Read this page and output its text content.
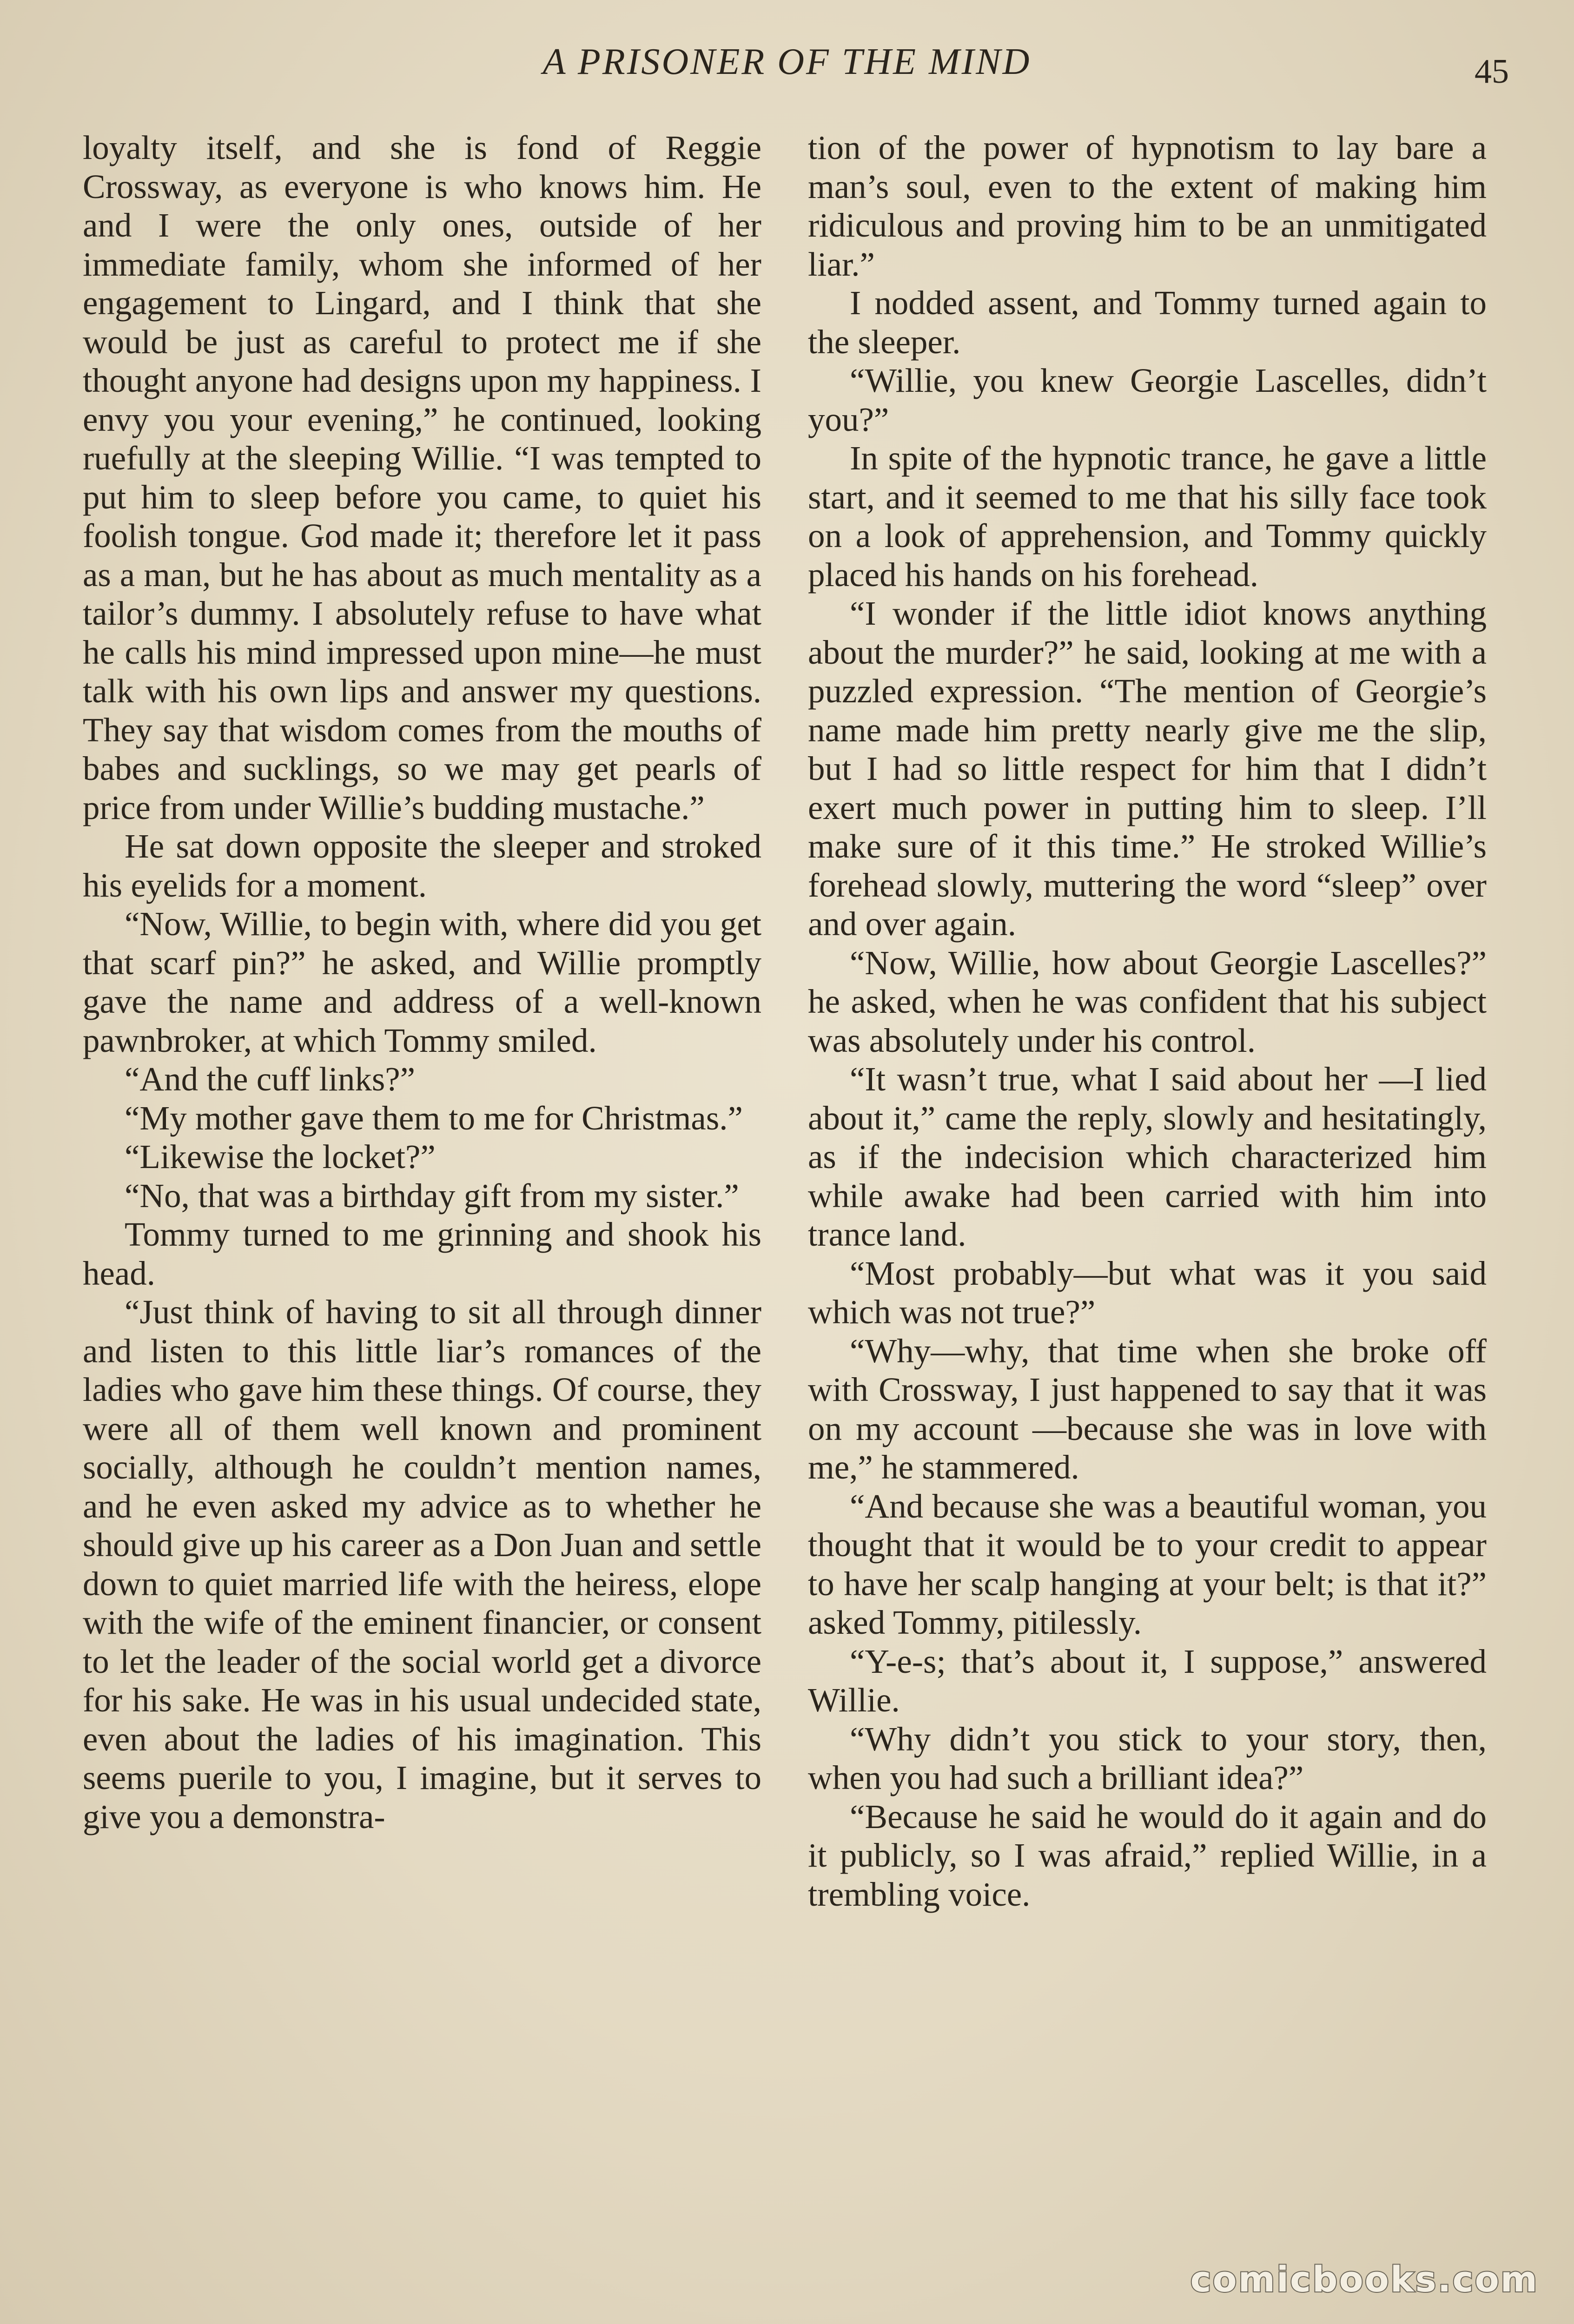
A PRISONER OF THE MIND	45

loyalty itself, and she is fond of Reggie Crossway, as everyone is who knows him. He and I were the only ones, outside of her immediate family, whom she informed of her engagement to Lingard, and I think that she would be just as careful to protect me if she thought anyone had designs upon my happiness. I envy you your evening,” he continued, looking ruefully at the sleeping Willie. “I was tempted to put him to sleep before you came, to quiet his foolish tongue. God made it; therefore let it pass as a man, but he has about as much mentality as a tailor’s dummy. I absolutely refuse to have what he calls his mind impressed upon mine—he must talk with his own lips and answer my questions. They say that wisdom comes from the mouths of babes and sucklings, so we may get pearls of price from under Willie’s budding mustache.”

He sat down opposite the sleeper and stroked his eyelids for a moment.

“Now, Willie, to begin with, where did you get that scarf pin?” he asked, and Willie promptly gave the name and address of a well-known pawnbroker, at which Tommy smiled.

“And the cuff links?”

“My mother gave them to me for Christmas.”

“Likewise the locket?”

“No, that was a birthday gift from my sister.”

Tommy turned to me grinning and shook his head.

“Just think of having to sit all through dinner and listen to this little liar’s romances of the ladies who gave him these things. Of course, they were all of them well known and prominent socially, although he couldn’t mention names, and he even asked my advice as to whether he should give up his career as a Don Juan and settle down to quiet married life with the heiress, elope with the wife of the eminent financier, or consent to let the leader of the social world get a divorce for his sake. He was in his usual undecided state, even about the ladies of his imagination. This seems puerile to you, I imagine, but it serves to give you a demonstra-

tion of the power of hypnotism to lay bare a man’s soul, even to the extent of making him ridiculous and proving him to be an unmitigated liar.”

I nodded assent, and Tommy turned again to the sleeper.

“Willie, you knew Georgie Lascelles, didn’t you?”

In spite of the hypnotic trance, he gave a little start, and it seemed to me that his silly face took on a look of apprehension, and Tommy quickly placed his hands on his forehead.

“I wonder if the little idiot knows anything about the murder?” he said, looking at me with a puzzled expression. “The mention of Georgie’s name made him pretty nearly give me the slip, but I had so little respect for him that I didn’t exert much power in putting him to sleep. I’ll make sure of it this time.” He stroked Willie’s forehead slowly, muttering the word “sleep” over and over again.

“Now, Willie, how about Georgie Lascelles?” he asked, when he was confident that his subject was absolutely under his control.

“It wasn’t true, what I said about her —I lied about it,” came the reply, slowly and hesitatingly, as if the indecision which characterized him while awake had been carried with him into trance land.

“Most probably—but what was it you said which was not true?”

“Why—why, that time when she broke off with Crossway, I just happened to say that it was on my account —because she was in love with me,” he stammered.

“And because she was a beautiful woman, you thought that it would be to your credit to appear to have her scalp hanging at your belt; is that it?” asked Tommy, pitilessly.

“Y-e-s; that’s about it, I suppose,” answered Willie.

“Why didn’t you stick to your story, then, when you had such a brilliant idea?”

“Because he said he would do it again and do it publicly, so I was afraid,” replied Willie, in a trembling voice.

comicbooks.com
